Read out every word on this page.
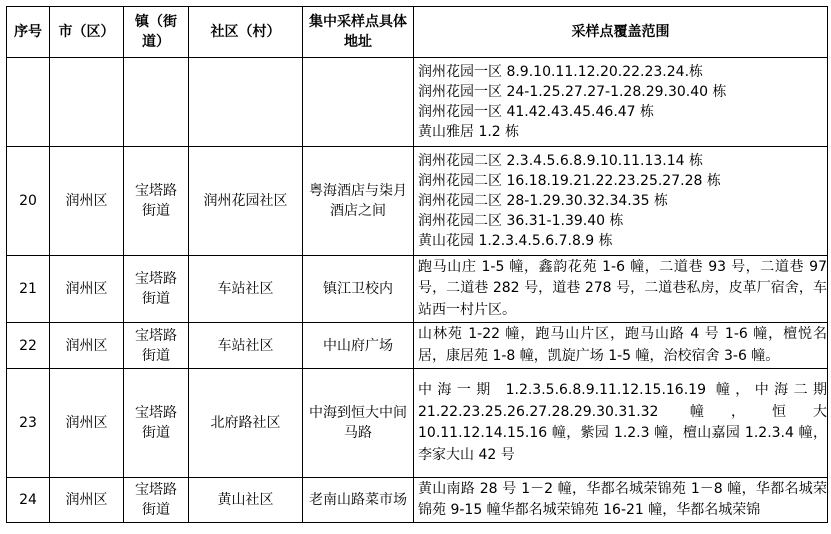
序号	市（区）	镇（街道）	社区（村）	集中采样点具体地址	采样点覆盖范围

					润州花园一区 8.9.10.11.12.20.22.23.24.栋
润州花园一区 24-1.25.27.27-1.28.29.30.40 栋
润州花园一区 41.42.43.45.46.47 栋
黄山雅居 1.2 栋

20	润州区	宝塔路街道	润州花园社区	粤海酒店与柒月酒店之间	润州花园二区 2.3.4.5.6.8.9.10.11.13.14 栋
润州花园二区 16.18.19.21.22.23.25.27.28 栋
润州花园二区 28-1.29.30.32.34.35 栋
润州花园二区 36.31-1.39.40 栋
黄山花园 1.2.3.4.5.6.7.8.9 栋

21	润州区	宝塔路街道	车站社区	镇江卫校内	跑马山庄 1-5 幢，鑫韵花苑 1-6 幢，二道巷 93 号，二道巷 97 号，二道巷 282 号，道巷 278 号，二道巷私房，皮革厂宿舍，车站西一村片区。

22	润州区	宝塔路街道	车站社区	中山府广场	山林苑 1-22 幢，跑马山片区，跑马山路 4 号 1-6 幢，檀悦名居，康居苑 1-8 幢，凯旋广场 1-5 幢，治校宿舍 3-6 幢。

23	润州区	宝塔路街道	北府路社区	中海到恒大中间马路	中海一期 1.2.3.5.6.8.9.11.12.15.16.19 幢，中海二期 21.22.23.25.26.27.28.29.30.31.32 幢，恒大 10.11.12.14.15.16 幢，紫园 1.2.3 幢，檀山嘉园 1.2.3.4 幢，李家大山 42 号

24	润州区	宝塔路街道	黄山社区	老南山路菜市场	黄山南路 28 号 1－2 幢，华都名城荣锦苑 1－8 幢，华都名城荣锦苑 9-15 幢华都名城荣锦苑 16-21 幢，华都名城荣锦
